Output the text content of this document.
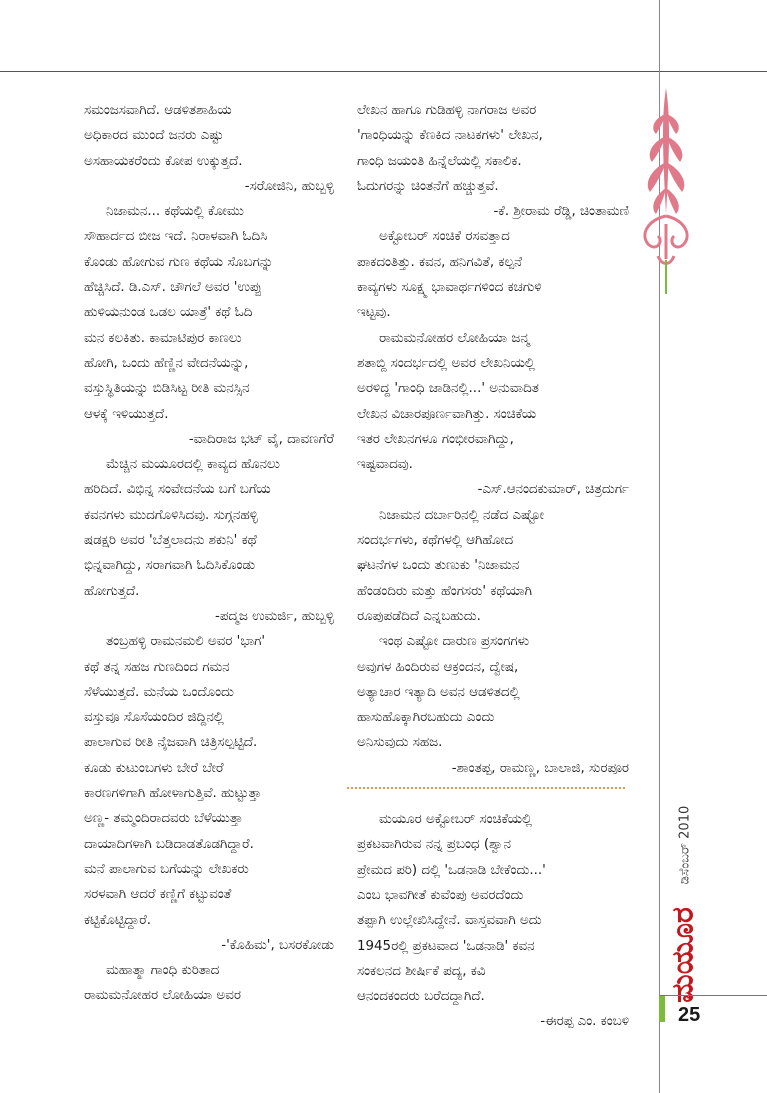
ಸಮಂಜಸವಾಗಿದೆ. ಆಡಳಿತಶಾಹಿಯ

ಅಧಿಕಾರದ ಮುಂದೆ ಜನರು ಎಷ್ಟು

ಅಸಹಾಯಕರೆಂದು ಕೋಪ ಉಕ್ಕುತ್ತದೆ.

-ಸರೋಜಿನಿ, ಹುಬ್ಬಳ್ಳಿ

ನಿಜಾಮನ... ಕಥೆಯಲ್ಲಿ ಕೋಮು

ಸೌಹಾರ್ದದ ಬೀಜ ಇದೆ. ನಿರಾಳವಾಗಿ ಓದಿಸಿ

ಕೊಂಡು ಹೋಗುವ ಗುಣ ಕಥೆಯ ಸೊಬಗನ್ನು

ಹೆಚ್ಚಿಸಿದೆ. ಡಿ.ಎಸ್. ಚೌಗಲೆ ಅವರ 'ಉಪ್ಪು

ಹುಳಿಯನುಂಡ ಒಡಲ ಯಾತ್ರೆ' ಕಥೆ ಓದಿ

ಮನ ಕಲಕಿತು. ಕಾಮಾಟಿಪುರ ಕಾಣಲು

ಹೋಗಿ, ಒಂದು ಹೆಣ್ಣಿನ ವೇದನೆಯನ್ನು,

ವಸ್ತುಸ್ಥಿತಿಯನ್ನು ಬಿಡಿಸಿಟ್ಟ ರೀತಿ ಮನಸ್ಸಿನ

ಆಳಕ್ಕೆ ಇಳಿಯುತ್ತದೆ.

-ವಾದಿರಾಜ ಭಟ್ ವೈ, ದಾವಣಗೆರೆ

ಮೆಚ್ಚಿನ ಮಯೂರದಲ್ಲಿ ಕಾವ್ಯದ ಹೊನಲು

ಹರಿದಿದೆ. ವಿಭಿನ್ನ ಸಂವೇದನೆಯ ಬಗೆ ಬಗೆಯ

ಕವನಗಳು ಮುದಗೊಳಿಸಿದವು. ಸುಗ್ಗನಹಳ್ಳಿ

ಷಡಕ್ಷರಿ ಅವರ 'ಬೆತ್ತಲಾದನು ಶಕುನಿ' ಕಥೆ

ಭಿನ್ನವಾಗಿದ್ದು, ಸರಾಗವಾಗಿ ಓದಿಸಿಕೊಂಡು

ಹೋಗುತ್ತದೆ.

-ಪದ್ಮಜ ಉಮರ್ಜಿ, ಹುಬ್ಬಳ್ಳಿ

ತಂಬ್ರಹಳ್ಳಿ ರಾಮನಮಲಿ ಅವರ 'ಭಾಗ'

ಕಥೆ ತನ್ನ ಸಹಜ ಗುಣದಿಂದ ಗಮನ

ಸೆಳೆಯುತ್ತದೆ. ಮನೆಯ ಒಂದೊಂದು

ವಸ್ತುವೂ ಸೊಸೆಯಂದಿರ ಜಿದ್ದಿನಲ್ಲಿ

ಪಾಲಾಗುವ ರೀತಿ ನೈಜವಾಗಿ ಚಿತ್ರಿಸಲ್ಪಟ್ಟಿದೆ.

ಕೂಡು ಕುಟುಂಬಗಳು ಬೇರೆ ಬೇರೆ

ಕಾರಣಗಳಿಗಾಗಿ ಹೋಳಾಗುತ್ತಿವೆ. ಹುಟ್ಟುತ್ತಾ

ಅಣ್ಣ- ತಮ್ಮಂದಿರಾದವರು ಬೆಳೆಯುತ್ತಾ

ದಾಯಾದಿಗಳಾಗಿ ಬಡಿದಾಡತೊಡಗಿದ್ದಾರೆ.

ಮನೆ ಪಾಲಾಗುವ ಬಗೆಯನ್ನು ಲೇಖಕರು

ಸರಳವಾಗಿ ಆದರೆ ಕಣ್ಣಿಗೆ ಕಟ್ಟುವಂತೆ

ಕಟ್ಟಿಕೊಟ್ಟಿದ್ದಾರೆ.

-'ಕೊಹಿಮ', ಬಸರಕೋಡು

ಮಹಾತ್ಮಾ ಗಾಂಧಿ ಕುರಿತಾದ

ರಾಮಮನೋಹರ ಲೋಹಿಯಾ ಅವರ

ಲೇಖನ ಹಾಗೂ ಗುಡಿಹಳ್ಳಿ ನಾಗರಾಜ ಅವರ

'ಗಾಂಧಿಯನ್ನು ಕೆಣಕಿದ ನಾಟಕಗಳು' ಲೇಖನ,

ಗಾಂಧಿ ಜಯಂತಿ ಹಿನ್ನೆಲೆಯಲ್ಲಿ ಸಕಾಲಿಕ.

ಓದುಗರನ್ನು ಚಿಂತನೆಗೆ ಹಚ್ಚುತ್ತವೆ.

-ಕೆ. ಶ್ರೀರಾಮ ರೆಡ್ಡಿ, ಚಿಂತಾಮಣಿ

ಅಕ್ಟೋಬರ್ ಸಂಚಿಕೆ ರಸವತ್ತಾದ

ಪಾಕದಂತಿತ್ತು. ಕವನ, ಹನಿಗವಿತೆ, ಕಲ್ಪನೆ

ಕಾವ್ಯಗಳು ಸೂಕ್ಷ್ಮ ಭಾವಾರ್ಥಗಳಿಂದ ಕಚಗುಳಿ

ಇಟ್ಟವು.

ರಾಮಮನೋಹರ ಲೋಹಿಯಾ ಜನ್ಮ

ಶತಾಬ್ದಿ ಸಂದರ್ಭದಲ್ಲಿ ಅವರ ಲೇಖನಿಯಲ್ಲಿ

ಅರಳಿದ್ದ 'ಗಾಂಧಿ ಜಾಡಿನಲ್ಲಿ...' ಅನುವಾದಿತ

ಲೇಖನ ವಿಚಾರಪೂರ್ಣವಾಗಿತ್ತು. ಸಂಚಿಕೆಯ

ಇತರ ಲೇಖನಗಳೂ ಗಂಭೀರವಾಗಿದ್ದು,

ಇಷ್ಟವಾದವು.

-ಎಸ್.ಆನಂದಕುಮಾರ್, ಚಿತ್ರದುರ್ಗ

ನಿಜಾಮನ ದರ್ಬಾರಿನಲ್ಲಿ ನಡೆದ ಎಷ್ಟೋ

ಸಂದರ್ಭಗಳು, ಕಥೆಗಳಲ್ಲಿ ಆಗಿಹೋದ

ಘಟನೆಗಳ ಒಂದು ತುಣುಕು 'ನಿಜಾಮನ

ಹೆಂಡಂದಿರು ಮತ್ತು ಹೆಂಗಸರು' ಕಥೆಯಾಗಿ

ರೂಪುಪಡೆದಿದೆ ಎನ್ನಬಹುದು.

ಇಂಥ ಎಷ್ಟೋ ದಾರುಣ ಪ್ರಸಂಗಗಳು

ಅವುಗಳ ಹಿಂದಿರುವ ಆಕ್ರಂದನ, ದ್ವೇಷ,

ಅತ್ಯಾಚಾರ ಇತ್ಯಾದಿ ಅವನ ಆಡಳಿತದಲ್ಲಿ

ಹಾಸುಹೊಕ್ಕಾಗಿರಬಹುದು ಎಂದು

ಅನಿಸುವುದು ಸಹಜ.

-ಶಾಂತಪ್ಪ, ರಾಮಣ್ಣ, ಬಾಲಾಜಿ, ಸುರಪೂರ

ಮಯೂರ ಅಕ್ಟೋಬರ್ ಸಂಚಿಕೆಯಲ್ಲಿ

ಪ್ರಕಟವಾಗಿರುವ ನನ್ನ ಪ್ರಬಂಧ (ಶ್ವಾನ

ಪ್ರೇಮದ ಪರಿ) ದಲ್ಲಿ 'ಒಡನಾಡಿ ಬೇಕೆಂದು...'

ಎಂಬ ಭಾವಗೀತೆ ಕುವೆಂಪು ಅವರದೆಂದು

ತಪ್ಪಾಗಿ ಉಲ್ಲೇಖಿಸಿದ್ದೇನೆ. ವಾಸ್ತವವಾಗಿ ಅದು

1945ರಲ್ಲಿ ಪ್ರಕಟವಾದ 'ಒಡನಾಡಿ' ಕವನ

ಸಂಕಲನದ ಶೀರ್ಷಿಕೆ ಪದ್ಯ, ಕವಿ

ಆನಂದಕಂದರು ಬರೆದದ್ದಾಗಿದೆ.

-ಈರಪ್ಪ ಎಂ. ಕಂಬಳಿ

ಡಿಸೆಂಬರ್ 2010
ಮಯೂರ
25
